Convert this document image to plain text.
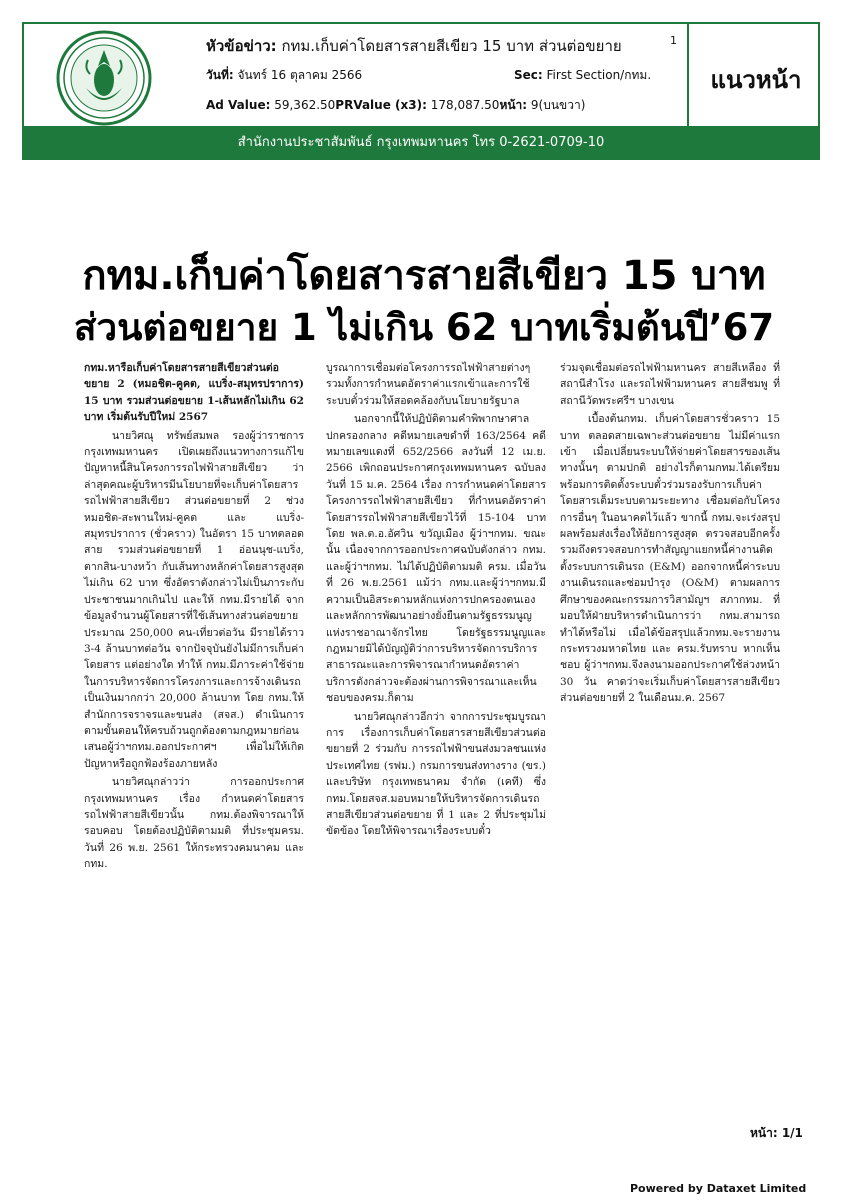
หัวข้อข่าว: กทม.เก็บค่าโดยสารสายสีเขียว 15 บาท ส่วนต่อขยาย	1
วันที่: จันทร์ 16 ตุลาคม 2566	Sec: First Section/กทม.
Ad Value: 59,362.50PRValue (x3): 178,087.50หน้า: 9(บนขวา)
แนวหน้า
สำนักงานประชาสัมพันธ์ กรุงเทพมหานคร โทร 0-2621-0709-10
กทม.เก็บค่าโดยสารสายสีเขียว 15 บาท
ส่วนต่อขยาย 1 ไม่เกิน 62 บาทเริ่มต้นปี’67

กทม.หารือเก็บค่าโดยสารสายสีเขียวส่วนต่อขยาย 2 (หมอชิต-คูคต, แบริ่ง-สมุทรปราการ) 15 บาท รวมส่วนต่อขยาย 1-เส้นหลักไม่เกิน 62 บาท เริ่มต้นรับปีใหม่ 2567

นายวิศณุ ทรัพย์สมพล รองผู้ว่าราชการกรุงเทพมหานคร เปิดเผยถึงแนวทางการแก้ไขปัญหาหนี้สินโครงการรถไฟฟ้าสายสีเขียว ว่า ล่าสุดคณะผู้บริหารมีนโยบายที่จะเก็บค่าโดยสารรถไฟฟ้าสายสีเขียว ส่วนต่อขยายที่ 2 ช่วงหมอชิต-สะพานใหม่-คูคต และ แบริ่ง-สมุทรปราการ (ชั่วคราว) ในอัตรา 15 บาทตลอดสาย รวมส่วนต่อขยายที่ 1 อ่อนนุช-แบริ่ง, ตากสิน-บางหว้า กับเส้นทางหลักค่าโดยสารสูงสุดไม่เกิน 62 บาท ซึ่งอัตราดังกล่าวไม่เป็นภาระกับประชาชนมากเกินไป และให้ กทม.มีรายได้ จากข้อมูลจำนวนผู้โดยสารที่ใช้เส้นทางส่วนต่อขยายประมาณ 250,000 คน-เที่ยวต่อวัน มีรายได้ราว 3-4 ล้านบาทต่อวัน จากปัจจุบันยังไม่มีการเก็บค่าโดยสาร แต่อย่างใด ทำให้ กทม.มีภาระค่าใช้จ่ายในการบริหารจัดการโครงการและการจ้างเดินรถเป็นเงินมากกว่า 20,000 ล้านบาท โดย กทม.ให้สำนักการจราจรและขนส่ง (สจส.) ดำเนินการตามขั้นตอนให้ครบถ้วนถูกต้องตามกฎหมายก่อนเสนอผู้ว่าฯกทม.ออกประกาศฯ เพื่อไม่ให้เกิดปัญหาหรือถูกฟ้องร้องภายหลัง

นายวิศณุกล่าวว่า การออกประกาศกรุงเทพมหานคร เรื่อง กำหนดค่าโดยสารรถไฟฟ้าสายสีเขียวนั้น กทม.ต้องพิจารณาให้รอบคอบ โดยต้องปฏิบัติตามมติ ที่ประชุมครม. วันที่ 26 พ.ย. 2561 ให้กระทรวงคมนาคม และ กทม.

บูรณาการเชื่อมต่อโครงการรถไฟฟ้าสายต่างๆ รวมทั้งการกำหนดอัตราค่าแรกเข้าและการใช้ระบบตั๋วร่วมให้สอดคล้องกับนโยบายรัฐบาล

นอกจากนี้ให้ปฏิบัติตามคำพิพากษาศาลปกครองกลาง คดีหมายเลขดำที่ 163/2564 คดีหมายเลขแดงที่ 652/2566 ลงวันที่ 12 เม.ย. 2566 เพิกถอนประกาศกรุงเทพมหานคร ฉบับลงวันที่ 15 ม.ค. 2564 เรื่อง การกำหนดค่าโดยสารโครงการรถไฟฟ้าสายสีเขียว ที่กำหนดอัตราค่าโดยสารรถไฟฟ้าสายสีเขียวไว้ที่ 15-104 บาท โดย พล.ต.อ.อัศวิน ขวัญเมือง ผู้ว่าฯกทม. ขณะนั้น เนื่องจากการออกประกาศฉบับดังกล่าว กทม. และผู้ว่าฯกทม. ไม่ได้ปฏิบัติตามมติ ครม. เมื่อวันที่ 26 พ.ย.2561 แม้ว่า กทม.และผู้ว่าฯกทม.มีความเป็นอิสระตามหลักแห่งการปกครองตนเองและหลักการพัฒนาอย่างยั่งยืนตามรัฐธรรมนูญแห่งราชอาณาจักรไทย โดยรัฐธรรมนูญและกฎหมายมิได้บัญญัติว่าการบริหารจัดการบริการสาธารณะและการพิจารณากำหนดอัตราค่าบริการดังกล่าวจะต้องผ่านการพิจารณาและเห็นชอบของครม.ก็ตาม

นายวิศณุกล่าวอีกว่า จากการประชุมบูรณาการ เรื่องการเก็บค่าโดยสารสายสีเขียวส่วนต่อขยายที่ 2 ร่วมกับ การรถไฟฟ้าขนส่งมวลชนแห่งประเทศไทย (รฟม.) กรมการขนส่งทางราง (ขร.) และบริษัท กรุงเทพธนาคม จำกัด (เคที) ซึ่ง กทม.โดยสจส.มอบหมายให้บริหารจัดการเดินรถสายสีเขียวส่วนต่อขยาย ที่ 1 และ 2 ที่ประชุมไม่ขัดข้อง โดยให้พิจารณาเรื่องระบบตั๋ว

ร่วมจุดเชื่อมต่อรถไฟฟ้ามหานคร สายสีเหลือง ที่สถานีสำโรง และรถไฟฟ้ามหานคร สายสีชมพู ที่สถานีวัดพระศรีฯ บางเขน

เบื้องต้นกทม. เก็บค่าโดยสารชั่วคราว 15 บาท ตลอดสายเฉพาะส่วนต่อขยาย ไม่มีค่าแรกเข้า เมื่อเปลี่ยนระบบให้จ่ายค่าโดยสารของเส้นทางนั้นๆ ตามปกติ อย่างไรก็ตามกทม.ได้เตรียมพร้อมการติดตั้งระบบตั๋วร่วมรองรับการเก็บค่าโดยสารเต็มระบบตามระยะทาง เชื่อมต่อกับโครงการอื่นๆ ในอนาคตไว้แล้ว ขากนี้ กทม.จะเร่งสรุปผลพร้อมส่งเรื่องให้อัยการสูงสุด ตรวจสอบอีกครั้ง รวมถึงตรวจสอบการทำสัญญาแยกหนี้ค่างานติดตั้งระบบการเดินรถ (E&M) ออกจากหนี้ค่าระบบงานเดินรถและซ่อมบำรุง (O&M) ตามผลการศึกษาของคณะกรรมการวิสามัญฯ สภากทม. ที่มอบให้ฝ่ายบริหารดำเนินการว่า กทม.สามารถทำได้หรือไม่ เมื่อได้ข้อสรุปแล้วกทม.จะรายงานกระทรวงมหาดไทย และ ครม.รับทราบ หากเห็นชอบ ผู้ว่าฯกทม.จึงลงนามออกประกาศใช้ล่วงหน้า 30 วัน คาดว่าจะเริ่มเก็บค่าโดยสารสายสีเขียวส่วนต่อขยายที่ 2 ในเดือนม.ค. 2567

หน้า: 1/1
Powered by Dataxet Limited
